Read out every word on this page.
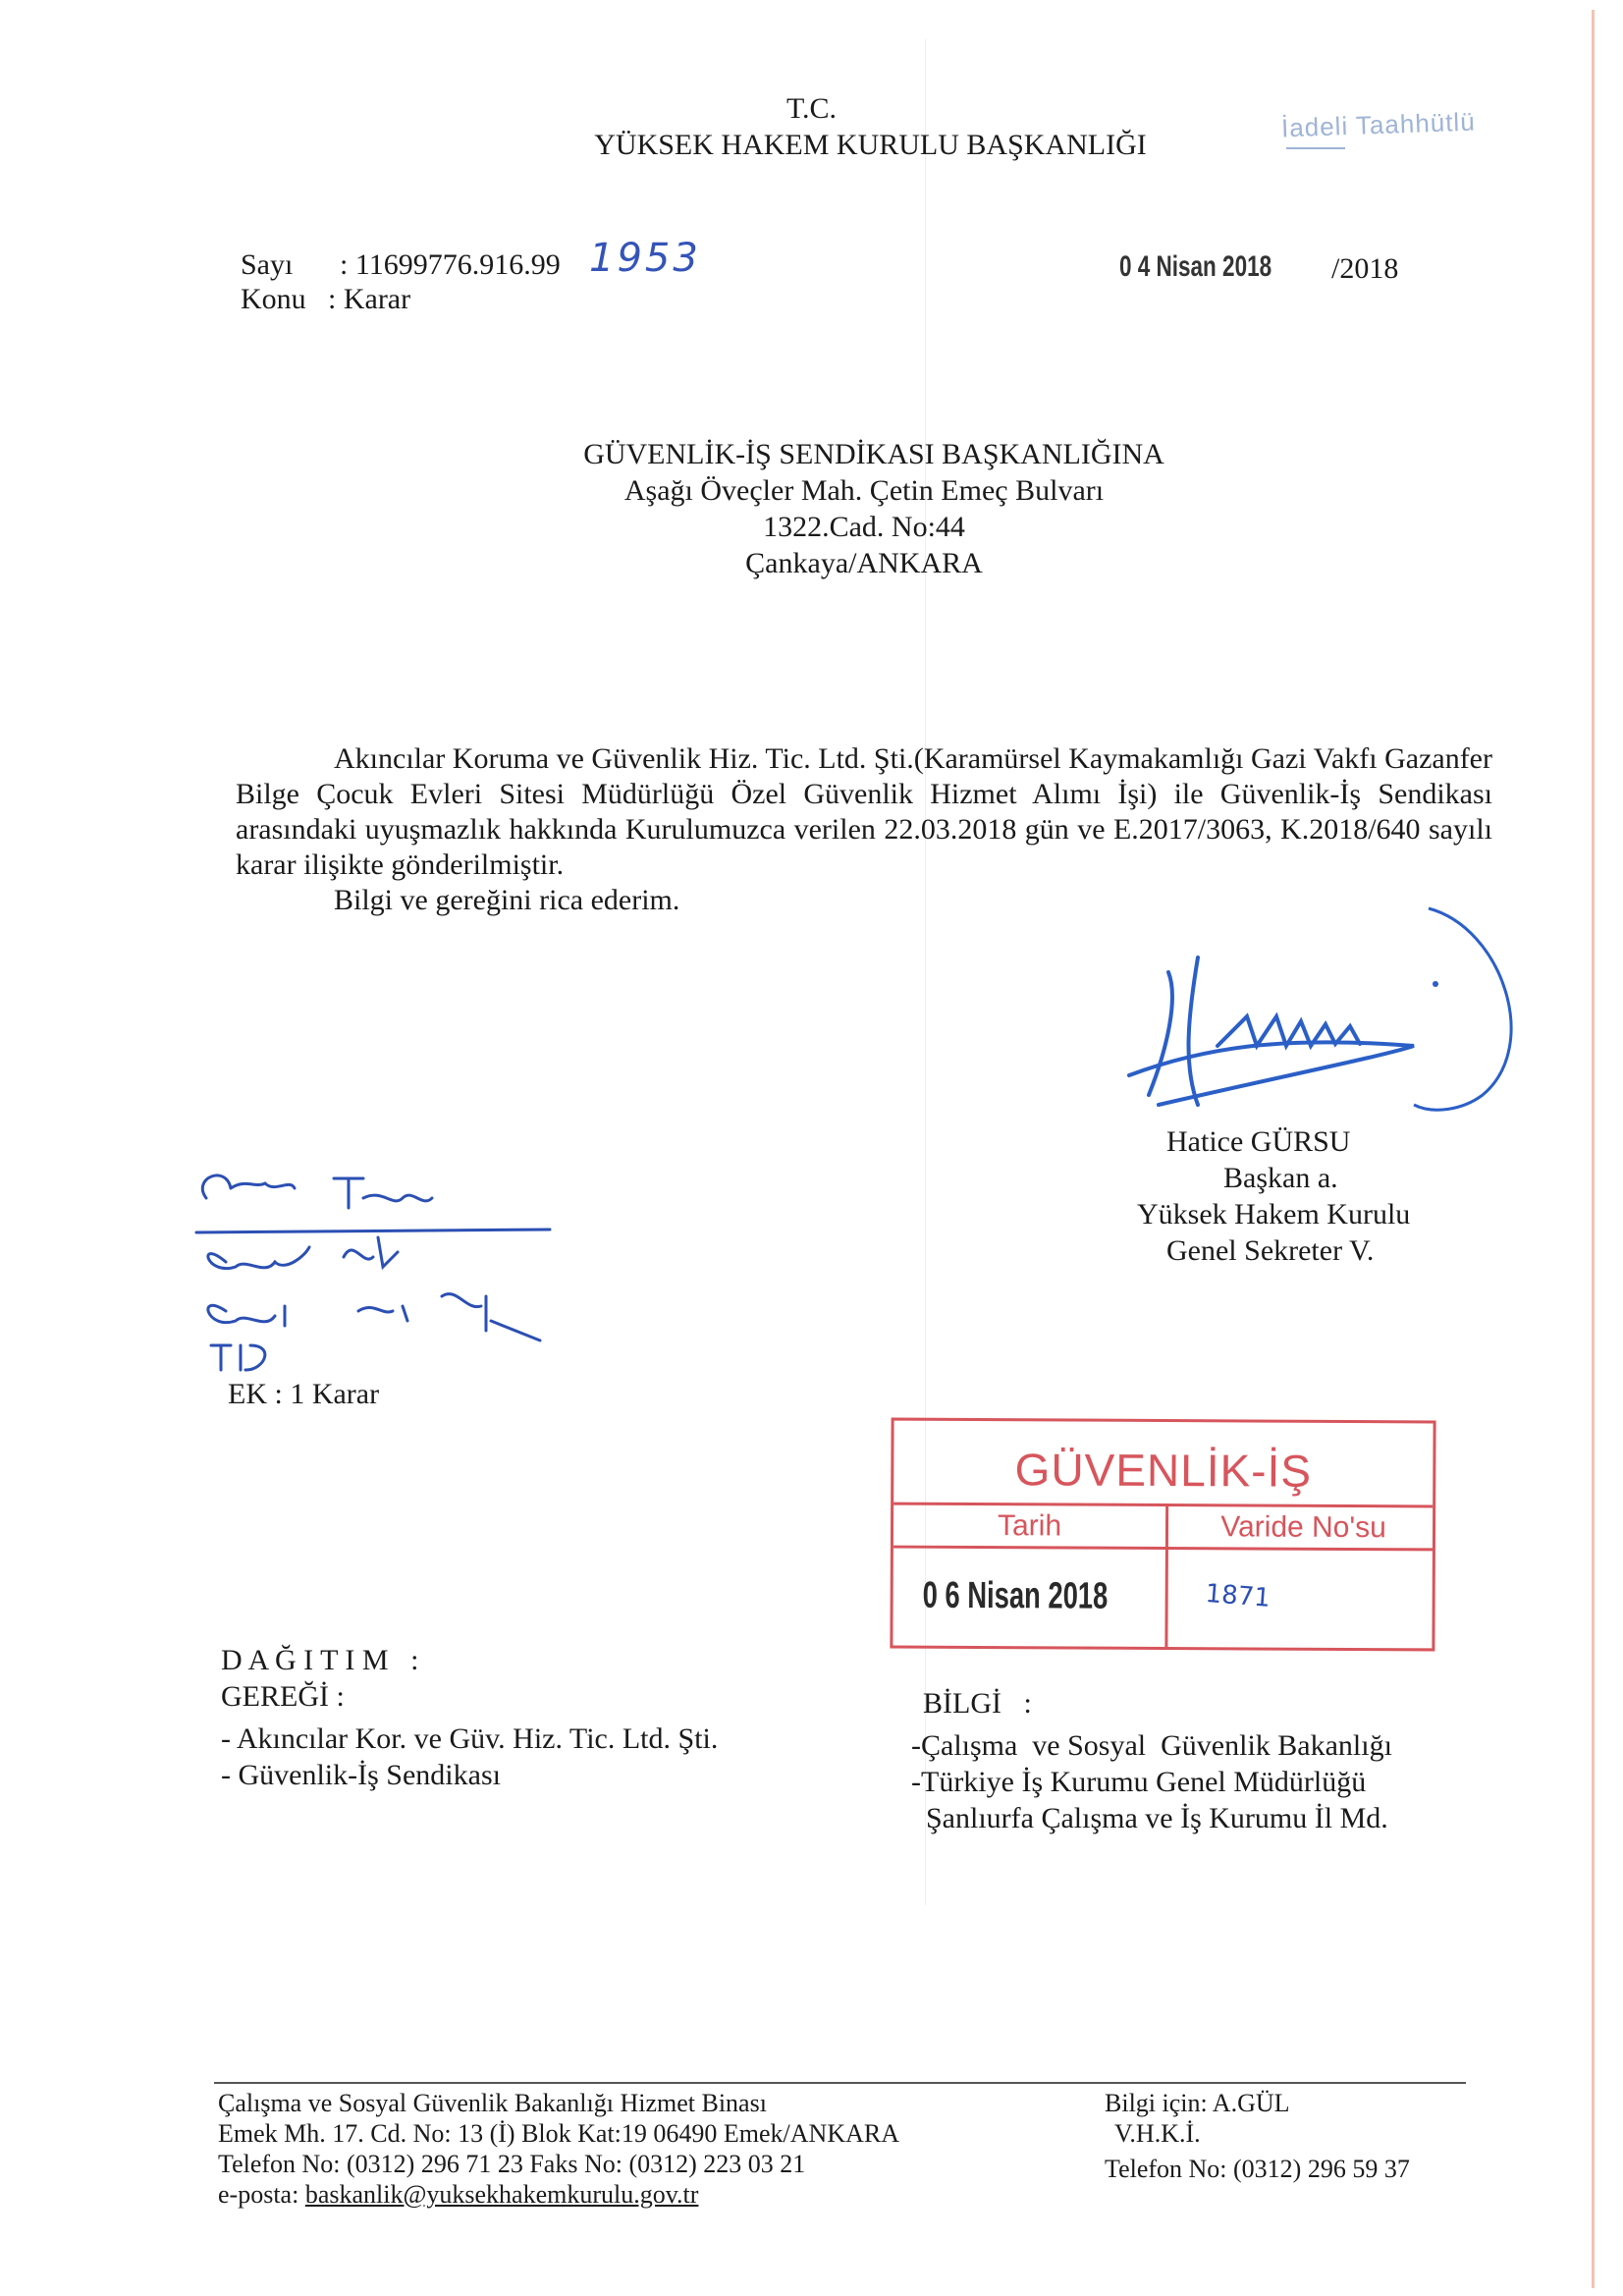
T.C.
YÜKSEK HAKEM KURULU BAŞKANLIĞI
İadeli Taahhütlü
Sayı : 11699776.916.99 1953
Konu : Karar
0 4 Nisan 2018 /2018
GÜVENLİK-İŞ SENDİKASI BAŞKANLIĞINA
Aşağı Öveçler Mah. Çetin Emeç Bulvarı
1322.Cad. No:44
Çankaya/ANKARA

Akıncılar Koruma ve Güvenlik Hiz. Tic. Ltd. Şti.(Karamürsel Kaymakamlığı Gazi Vakfı Gazanfer Bilge Çocuk Evleri Sitesi Müdürlüğü Özel Güvenlik Hizmet Alımı İşi) ile Güvenlik-İş Sendikası arasındaki uyuşmazlık hakkında Kurulumuzca verilen 22.03.2018 gün ve E.2017/3063, K.2018/640 sayılı karar ilişikte gönderilmiştir.

Bilgi ve gereğini rica ederim.

Hatice GÜRSU
Başkan a.
Yüksek Hakem Kurulu
Genel Sekreter V.
EK : 1 Karar
GÜVENLİK-İŞ
Tarih	Varide No'su
0 6 Nisan 2018	1871
D A Ğ I T I M   :
GEREĞİ :
- Akıncılar Kor. ve Güv. Hiz. Tic. Ltd. Şti.
- Güvenlik-İş Sendikası
BİLGİ   :
-Çalışma  ve Sosyal  Güvenlik Bakanlığı
-Türkiye İş Kurumu Genel Müdürlüğü
Şanlıurfa Çalışma ve İş Kurumu İl Md.
Çalışma ve Sosyal Güvenlik Bakanlığı Hizmet Binası
Emek Mh. 17. Cd. No: 13 (İ) Blok Kat:19 06490 Emek/ANKARA
Telefon No: (0312) 296 71 23 Faks No: (0312) 223 03 21
e-posta: baskanlik@yuksekhakemkurulu.gov.tr
Bilgi için: A.GÜL
V.H.K.İ.
Telefon No: (0312) 296 59 37
